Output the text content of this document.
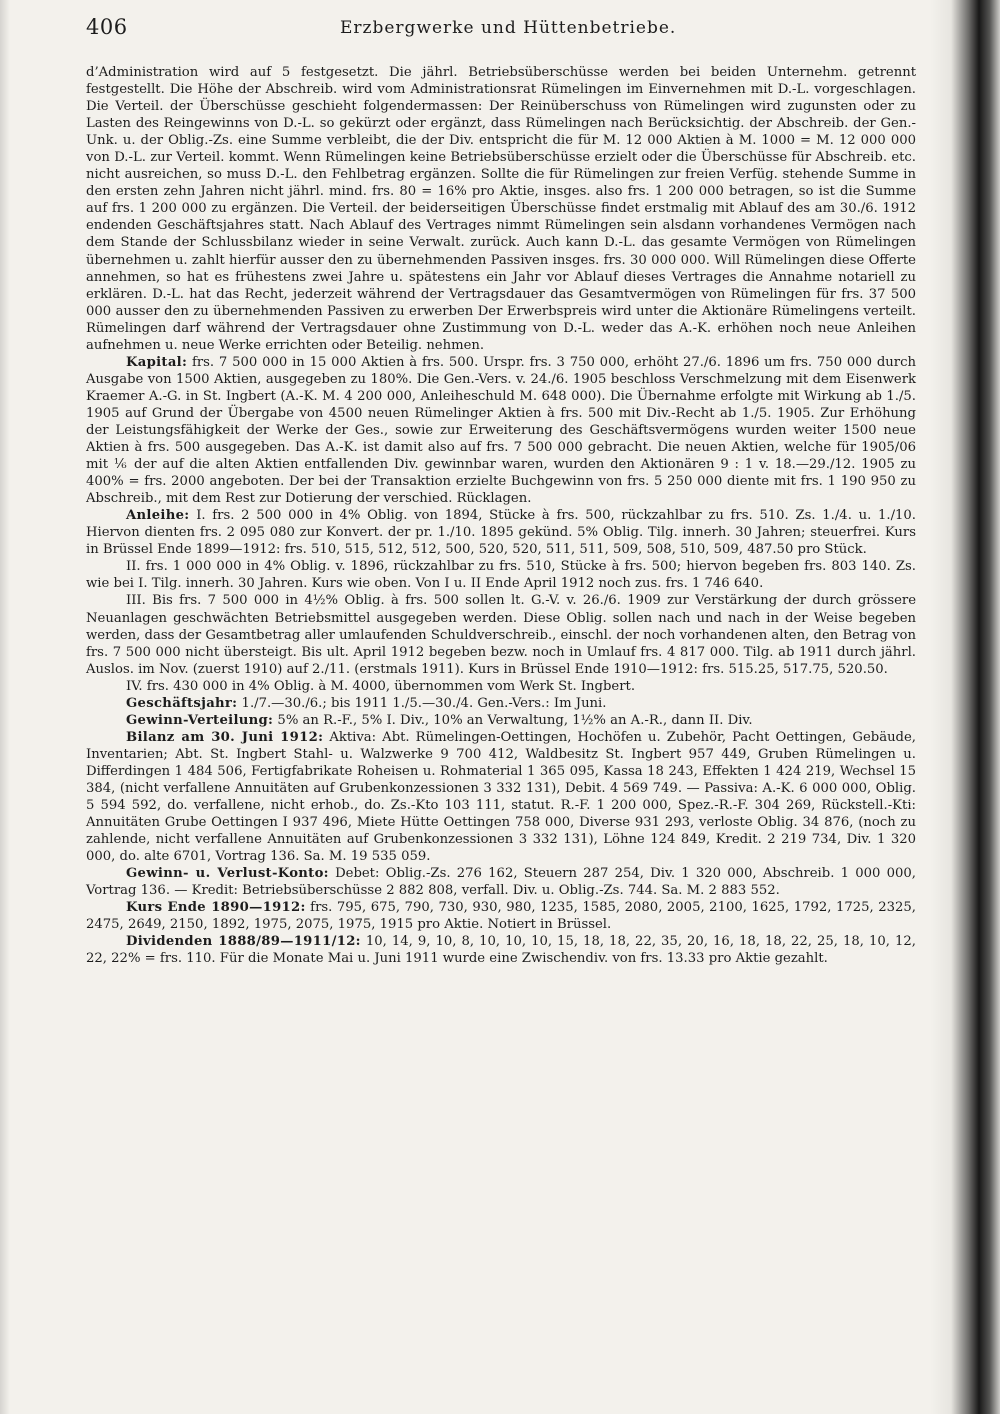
406	Erzbergwerke und Hüttenbetriebe.

d’Administration wird auf 5 festgesetzt. Die jährl. Betriebsüberschüsse werden bei beiden Unternehm. getrennt festgestellt. Die Höhe der Abschreib. wird vom Administrationsrat Rümelingen im Einvernehmen mit D.-L. vorgeschlagen. Die Verteil. der Überschüsse geschieht folgendermassen: Der Reinüberschuss von Rümelingen wird zugunsten oder zu Lasten des Reingewinns von D.-L. so gekürzt oder ergänzt, dass Rümelingen nach Berücksichtig. der Abschreib. der Gen.-Unk. u. der Oblig.-Zs. eine Summe verbleibt, die der Div. entspricht die für M. 12 000 Aktien à M. 1000 = M. 12 000 000 von D.-L. zur Verteil. kommt. Wenn Rümelingen keine Betriebsüberschüsse erzielt oder die Überschüsse für Abschreib. etc. nicht ausreichen, so muss D.-L. den Fehlbetrag ergänzen. Sollte die für Rümelingen zur freien Verfüg. stehende Summe in den ersten zehn Jahren nicht jährl. mind. frs. 80 = 16% pro Aktie, insges. also frs. 1 200 000 betragen, so ist die Summe auf frs. 1 200 000 zu ergänzen. Die Verteil. der beiderseitigen Überschüsse findet erstmalig mit Ablauf des am 30./6. 1912 endenden Geschäftsjahres statt. Nach Ablauf des Vertrages nimmt Rümelingen sein alsdann vorhandenes Vermögen nach dem Stande der Schlussbilanz wieder in seine Verwalt. zurück. Auch kann D.-L. das gesamte Vermögen von Rümelingen übernehmen u. zahlt hierfür ausser den zu übernehmenden Passiven insges. frs. 30 000 000. Will Rümelingen diese Offerte annehmen, so hat es frühestens zwei Jahre u. spätestens ein Jahr vor Ablauf dieses Vertrages die Annahme notariell zu erklären. D.-L. hat das Recht, jederzeit während der Vertragsdauer das Gesamtvermögen von Rümelingen für frs. 37 500 000 ausser den zu übernehmenden Passiven zu erwerben Der Erwerbspreis wird unter die Aktionäre Rümelingens verteilt. Rümelingen darf während der Vertragsdauer ohne Zustimmung von D.-L. weder das A.-K. erhöhen noch neue Anleihen aufnehmen u. neue Werke errichten oder Beteilig. nehmen.

Kapital: frs. 7 500 000 in 15 000 Aktien à frs. 500. Urspr. frs. 3 750 000, erhöht 27./6. 1896 um frs. 750 000 durch Ausgabe von 1500 Aktien, ausgegeben zu 180%. Die Gen.-Vers. v. 24./6. 1905 beschloss Verschmelzung mit dem Eisenwerk Kraemer A.-G. in St. Ingbert (A.-K. M. 4 200 000, Anleiheschuld M. 648 000). Die Übernahme erfolgte mit Wirkung ab 1./5. 1905 auf Grund der Übergabe von 4500 neuen Rümelinger Aktien à frs. 500 mit Div.-Recht ab 1./5. 1905. Zur Erhöhung der Leistungsfähigkeit der Werke der Ges., sowie zur Erweiterung des Geschäftsvermögens wurden weiter 1500 neue Aktien à frs. 500 ausgegeben. Das A.-K. ist damit also auf frs. 7 500 000 gebracht. Die neuen Aktien, welche für 1905/06 mit ⅙ der auf die alten Aktien entfallenden Div. gewinnbar waren, wurden den Aktionären 9 : 1 v. 18.—29./12. 1905 zu 400% = frs. 2000 angeboten. Der bei der Transaktion erzielte Buchgewinn von frs. 5 250 000 diente mit frs. 1 190 950 zu Abschreib., mit dem Rest zur Dotierung der verschied. Rücklagen.

Anleihe: I. frs. 2 500 000 in 4% Oblig. von 1894, Stücke à frs. 500, rückzahlbar zu frs. 510. Zs. 1./4. u. 1./10. Hiervon dienten frs. 2 095 080 zur Konvert. der pr. 1./10. 1895 gekünd. 5% Oblig. Tilg. innerh. 30 Jahren; steuerfrei. Kurs in Brüssel Ende 1899—1912: frs. 510, 515, 512, 512, 500, 520, 520, 511, 511, 509, 508, 510, 509, 487.50 pro Stück.

II. frs. 1 000 000 in 4% Oblig. v. 1896, rückzahlbar zu frs. 510, Stücke à frs. 500; hiervon begeben frs. 803 140. Zs. wie bei I. Tilg. innerh. 30 Jahren. Kurs wie oben. Von I u. II Ende April 1912 noch zus. frs. 1 746 640.

III. Bis frs. 7 500 000 in 4½% Oblig. à frs. 500 sollen lt. G.-V. v. 26./6. 1909 zur Verstärkung der durch grössere Neuanlagen geschwächten Betriebsmittel ausgegeben werden. Diese Oblig. sollen nach und nach in der Weise begeben werden, dass der Gesamtbetrag aller umlaufenden Schuldverschreib., einschl. der noch vorhandenen alten, den Betrag von frs. 7 500 000 nicht übersteigt. Bis ult. April 1912 begeben bezw. noch in Umlauf frs. 4 817 000. Tilg. ab 1911 durch jährl. Auslos. im Nov. (zuerst 1910) auf 2./11. (erstmals 1911). Kurs in Brüssel Ende 1910—1912: frs. 515.25, 517.75, 520.50.

IV. frs. 430 000 in 4% Oblig. à M. 4000, übernommen vom Werk St. Ingbert.

Geschäftsjahr: 1./7.—30./6.; bis 1911 1./5.—30./4. Gen.-Vers.: Im Juni.

Gewinn-Verteilung: 5% an R.-F., 5% I. Div., 10% an Verwaltung, 1½% an A.-R., dann II. Div.

Bilanz am 30. Juni 1912: Aktiva: Abt. Rümelingen-Oettingen, Hochöfen u. Zubehör, Pacht Oettingen, Gebäude, Inventarien; Abt. St. Ingbert Stahl- u. Walzwerke 9 700 412, Waldbesitz St. Ingbert 957 449, Gruben Rümelingen u. Differdingen 1 484 506, Fertigfabrikate Roheisen u. Rohmaterial 1 365 095, Kassa 18 243, Effekten 1 424 219, Wechsel 15 384, (nicht verfallene Annuitäten auf Grubenkonzessionen 3 332 131), Debit. 4 569 749. — Passiva: A.-K. 6 000 000, Oblig. 5 594 592, do. verfallene, nicht erhob., do. Zs.-Kto 103 111, statut. R.-F. 1 200 000, Spez.-R.-F. 304 269, Rückstell.-Kti: Annuitäten Grube Oettingen I 937 496, Miete Hütte Oettingen 758 000, Diverse 931 293, verloste Oblig. 34 876, (noch zu zahlende, nicht verfallene Annuitäten auf Grubenkonzessionen 3 332 131), Löhne 124 849, Kredit. 2 219 734, Div. 1 320 000, do. alte 6701, Vortrag 136. Sa. M. 19 535 059.

Gewinn- u. Verlust-Konto: Debet: Oblig.-Zs. 276 162, Steuern 287 254, Div. 1 320 000, Abschreib. 1 000 000, Vortrag 136. — Kredit: Betriebsüberschüsse 2 882 808, verfall. Div. u. Oblig.-Zs. 744. Sa. M. 2 883 552.

Kurs Ende 1890—1912: frs. 795, 675, 790, 730, 930, 980, 1235, 1585, 2080, 2005, 2100, 1625, 1792, 1725, 2325, 2475, 2649, 2150, 1892, 1975, 2075, 1975, 1915 pro Aktie. Notiert in Brüssel.

Dividenden 1888/89—1911/12: 10, 14, 9, 10, 8, 10, 10, 10, 15, 18, 18, 22, 35, 20, 16, 18, 18, 22, 25, 18, 10, 12, 22, 22% = frs. 110. Für die Monate Mai u. Juni 1911 wurde eine Zwischendiv. von frs. 13.33 pro Aktie gezahlt.
